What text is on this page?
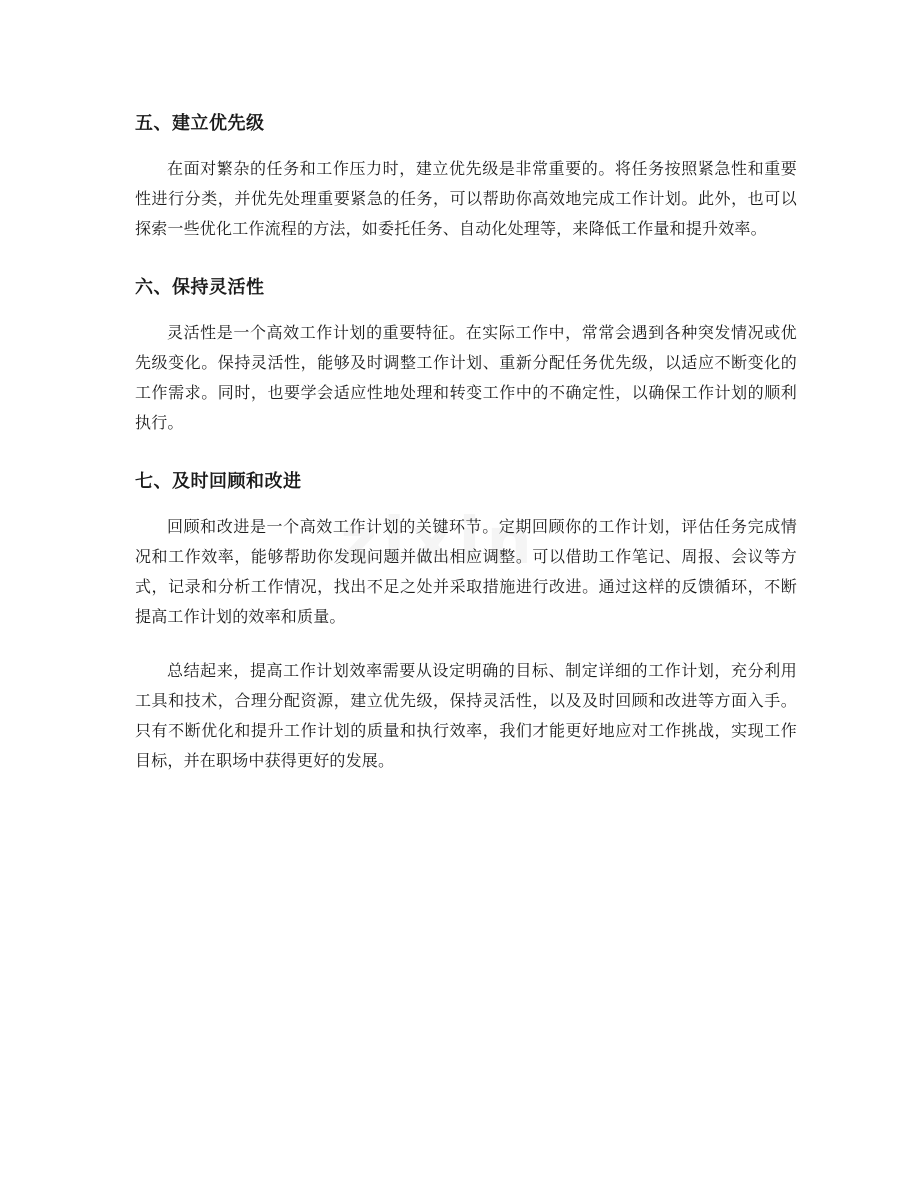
五、建立优先级

在面对繁杂的任务和工作压力时，建立优先级是非常重要的。将任务按照紧急性和重要性进行分类，并优先处理重要紧急的任务，可以帮助你高效地完成工作计划。此外，也可以探索一些优化工作流程的方法，如委托任务、自动化处理等，来降低工作量和提升效率。

六、保持灵活性

灵活性是一个高效工作计划的重要特征。在实际工作中，常常会遇到各种突发情况或优先级变化。保持灵活性，能够及时调整工作计划、重新分配任务优先级，以适应不断变化的工作需求。同时，也要学会适应性地处理和转变工作中的不确定性，以确保工作计划的顺利执行。

七、及时回顾和改进

回顾和改进是一个高效工作计划的关键环节。定期回顾你的工作计划，评估任务完成情况和工作效率，能够帮助你发现问题并做出相应调整。可以借助工作笔记、周报、会议等方式，记录和分析工作情况，找出不足之处并采取措施进行改进。通过这样的反馈循环，不断提高工作计划的效率和质量。

总结起来，提高工作计划效率需要从设定明确的目标、制定详细的工作计划，充分利用工具和技术，合理分配资源，建立优先级，保持灵活性，以及及时回顾和改进等方面入手。只有不断优化和提升工作计划的质量和执行效率，我们才能更好地应对工作挑战，实现工作目标，并在职场中获得更好的发展。
